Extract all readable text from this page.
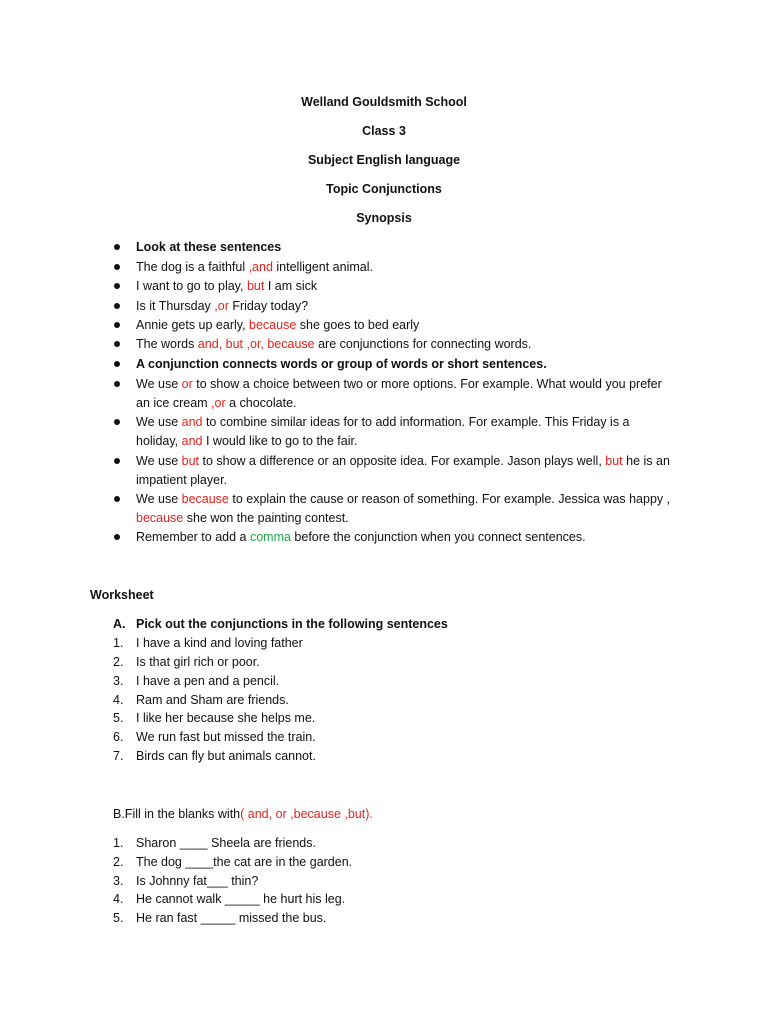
Welland Gouldsmith School
Class 3
Subject English language
Topic Conjunctions
Synopsis
Look at these sentences
The dog is a faithful ,and intelligent animal.
I want to go to play, but I am sick
Is it Thursday ,or Friday today?
Annie gets up early, because she goes to bed early
The words and, but ,or, because are conjunctions for connecting words.
A conjunction connects words or group of words or short sentences.
We use or to show a choice between two or more options. For example. What would you prefer
an ice cream ,or a chocolate.
We use and to combine similar ideas for to add information. For example. This Friday is a
holiday, and I would like to go to the fair.
We use but to show a difference or an opposite idea. For example. Jason plays well, but he is an
impatient player.
We use because to explain the cause or reason of something. For example. Jessica was happy ,
because she won the painting contest.
Remember to add a comma before the conjunction when you connect sentences.
Worksheet
A. Pick out the conjunctions in the following sentences
1. I have a kind and loving father
2. Is that girl rich or poor.
3. I have a pen and a pencil.
4. Ram and Sham are friends.
5. I like her because she helps me.
6. We run fast but missed the train.
7. Birds can fly but animals cannot.
B.Fill in the blanks with( and, or ,because ,but).
1. Sharon ____ Sheela are friends.
2. The dog ____the cat are in the garden.
3. Is Johnny fat___ thin?
4. He cannot walk _____ he hurt his leg.
5. He ran fast _____ missed the bus.
